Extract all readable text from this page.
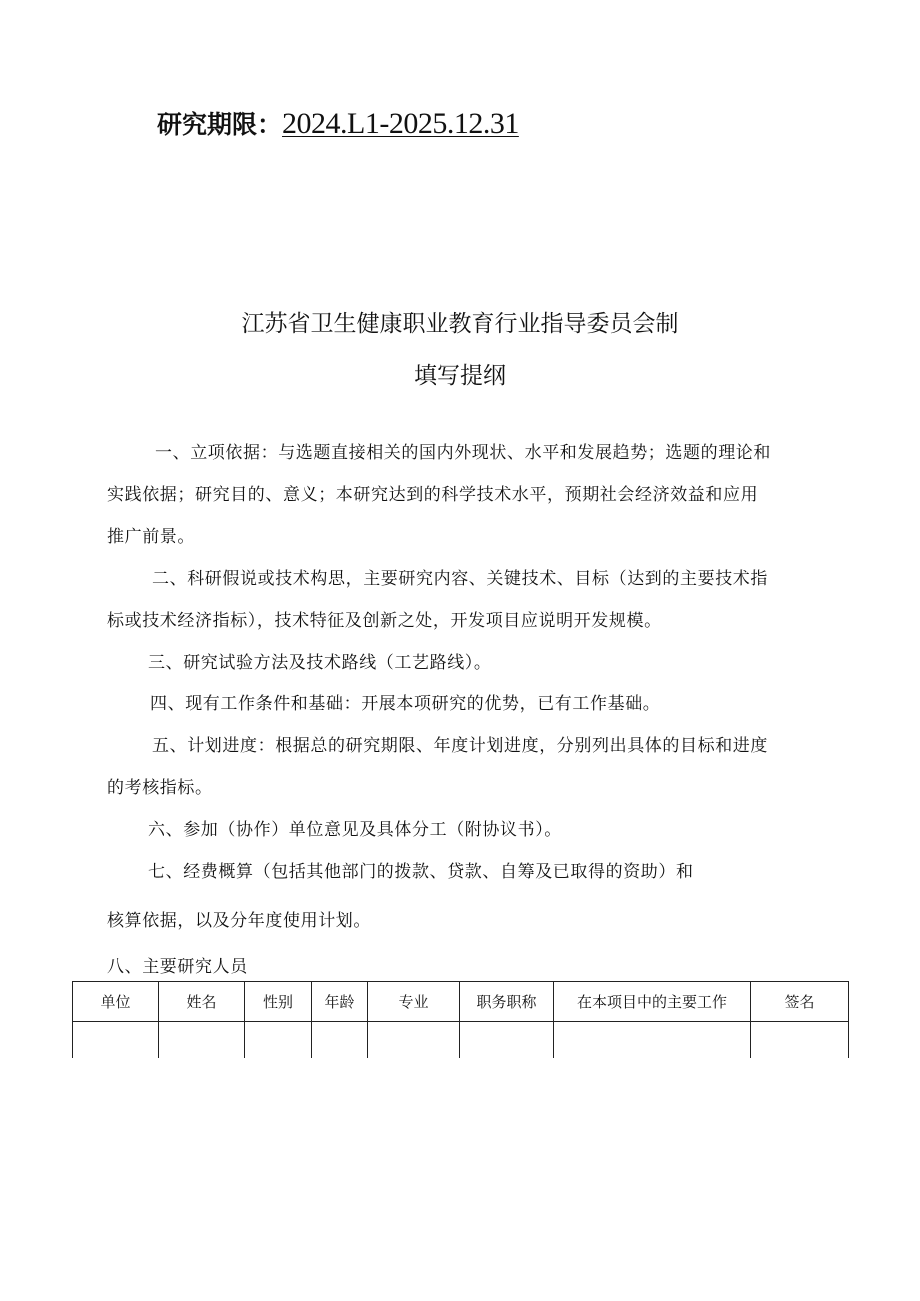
研究期限：2024.L1-2025.12.31
江苏省卫生健康职业教育行业指导委员会制
填写提纲
一、立项依据：与选题直接相关的国内外现状、水平和发展趋势；选题的理论和
实践依据；研究目的、意义；本研究达到的科学技术水平，预期社会经济效益和应用
推广前景。
二、科研假说或技术构思，主要研究内容、关键技术、目标（达到的主要技术指
标或技术经济指标），技术特征及创新之处，开发项目应说明开发规模。
三、研究试验方法及技术路线（工艺路线）。
四、现有工作条件和基础：开展本项研究的优势，已有工作基础。
五、计划进度：根据总的研究期限、年度计划进度，分别列出具体的目标和进度
的考核指标。
六、参加（协作）单位意见及具体分工（附协议书）。
七、经费概算（包括其他部门的拨款、贷款、自筹及已取得的资助）和
核算依据，以及分年度使用计划。
八、主要研究人员
单位	姓名	性别	年龄	专业	职务职称	在本项目中的主要工作	签名
